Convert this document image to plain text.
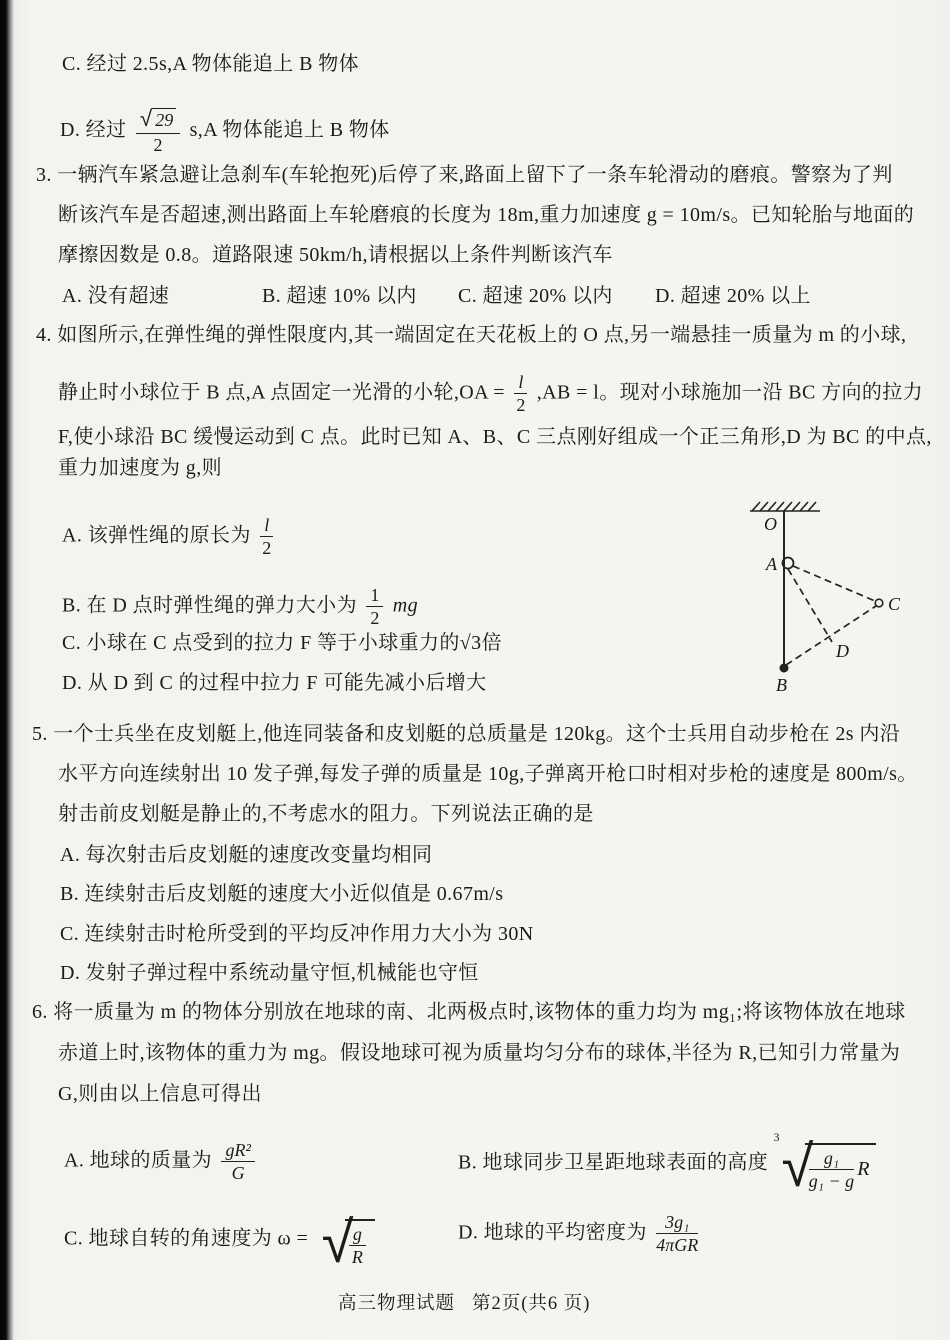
C. 经过 2.5s,A 物体能追上 B 物体
D. 经过 $\frac{√ 29}{2} s,A$ 物体能追上 B 物体
3. 一辆汽车紧急避让急刹车(车轮抱死)后停了来,路面上留下了一条车轮滑动的磨痕。警察为了判
断该汽车是否超速,测出路面上车轮磨痕的长度为 18m,重力加速度 g = 10m/s。已知轮胎与地面的
摩擦因数是 0.8。道路限速 50km/h,请根据以上条件判断该汽车
A. 没有超速	B. 超速 10% 以内 C. 超速 20% 以内 D. 超速 20% 以上
4. 如图所示,在弹性绳的弹性限度内,其一端固定在天花板上的 O 点,另一端悬挂一质量为 m 的小球,
静止时小球位于 B 点,A 点固定一光滑的小轮$,OA = \frac{l}{2} ,AB = l$。现对小球施加一沿 BC 方向的拉力
F,使小球沿 BC 缓慢运动到 C 点。此时已知 A、B、C 三点刚好组成一个正三角形,D 为 BC 的中点,
重力加速度为 g,则
A. 该弹性绳的原长为 $\frac{l}{2}$
B. 在 D 点时弹性绳的弹力大小为 $\frac{1}{2}$ mg
C. 小球在 C 点受到的拉力 F 等于小球重力的√3倍
D. 从 D 到 C 的过程中拉力 F 可能先减小后增大
O
A
C
D
B
5. 一个士兵坐在皮划艇上,他连同装备和皮划艇的总质量是 120kg。这个士兵用自动步枪在 2s 内沿
水平方向连续射出 10 发子弹,每发子弹的质量是 10g,子弹离开枪口时相对步枪的速度是 800m/s。
射击前皮划艇是静止的,不考虑水的阻力。下列说法正确的是
A. 每次射击后皮划艇的速度改变量均相同
B. 连续射击后皮划艇的速度大小近似值是 0.67m/s
C. 连续射击时枪所受到的平均反冲作用力大小为 30N
D. 发射子弹过程中系统动量守恒,机械能也守恒
6. 将一质量为 m 的物体分别放在地球的南、北两极点时,该物体的重力均为 mg₁;将该物体放在地球
赤道上时,该物体的重力为 mg。假设地球可视为质量均匀分布的球体,半径为 R,已知引力常量为
G,则由以上信息可得出
A. 地球的质量为 $\frac{\text{gR²}}{G}$	B. 地球同步卫星距地球表面的高度
3 √
$\frac{\text{g₁}}{\text{g₁ − g}}$ R
C. 地球自转的角速度为 ω = √
$\frac{g}{R}$	D. 地球的平均密度为 $\frac{\text{3g₁}}{\text{4πGR}}$
高三物理试题 第2页(共6 页)
